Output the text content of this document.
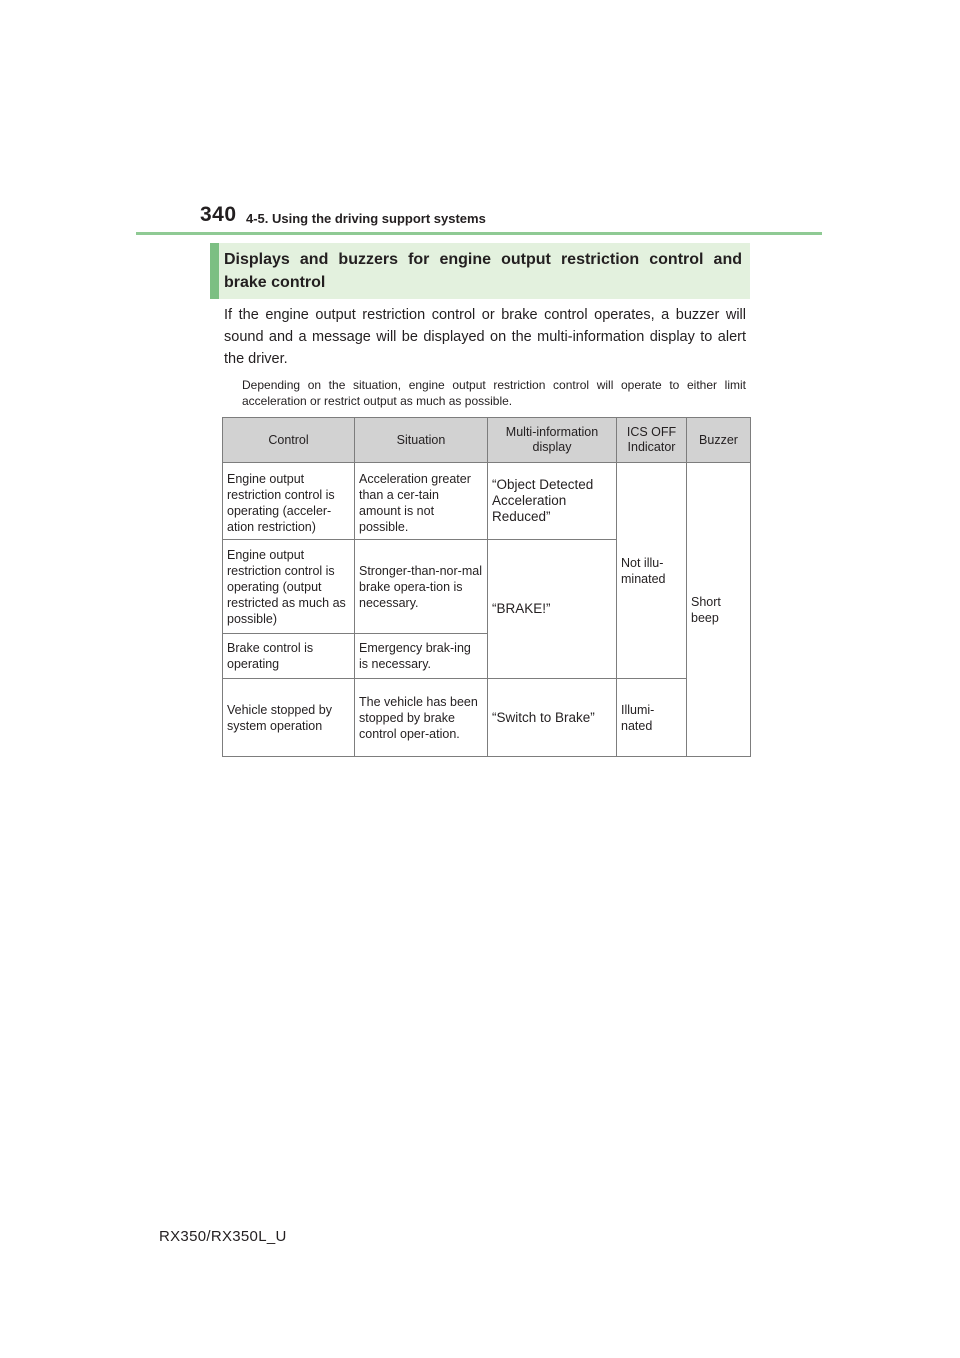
340 4-5. Using the driving support systems
Displays and buzzers for engine output restriction control and brake control
If the engine output restriction control or brake control operates, a buzzer will sound and a message will be displayed on the multi-information display to alert the driver.
Depending on the situation, engine output restriction control will operate to either limit acceleration or restrict output as much as possible.
Control	Situation	Multi-information display	ICS OFF Indicator	Buzzer
Engine output restriction control is operating (acceler-ation restriction)	Acceleration greater than a cer-tain amount is not possible.	“Object Detected Acceleration Reduced”	Not illu-minated	Short beep
Engine output restriction control is operating (output restricted as much as possible)	Stronger-than-nor-mal brake opera-tion is necessary.	“BRAKE!”		
Brake control is operating	Emergency brak-ing is necessary.			
Vehicle stopped by system operation	The vehicle has been stopped by brake control oper-ation.	“Switch to Brake”	Illumi-nated	
RX350/RX350L_U
